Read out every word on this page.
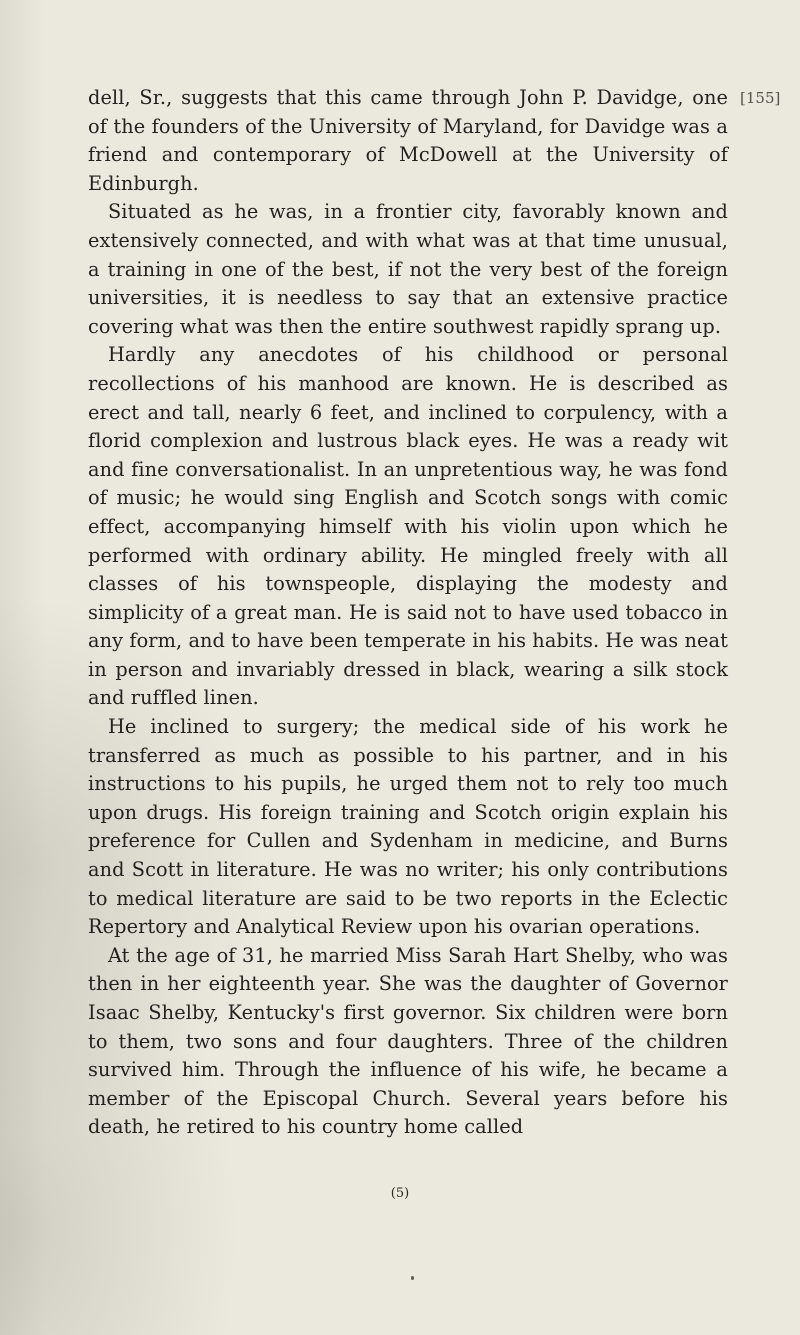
[155]

dell, Sr., suggests that this came through John P. Davidge, one of the founders of the University of Maryland, for Davidge was a friend and contemporary of McDowell at the University of Edinburgh.

Situated as he was, in a frontier city, favorably known and extensively connected, and with what was at that time unusual, a training in one of the best, if not the very best of the foreign universities, it is needless to say that an extensive practice covering what was then the entire southwest rapidly sprang up.

Hardly any anecdotes of his childhood or personal recollections of his manhood are known. He is described as erect and tall, nearly 6 feet, and inclined to corpulency, with a florid complexion and lustrous black eyes. He was a ready wit and fine conversationalist. In an unpretentious way, he was fond of music; he would sing English and Scotch songs with comic effect, accompanying himself with his violin upon which he performed with ordinary ability. He mingled freely with all classes of his townspeople, displaying the modesty and simplicity of a great man. He is said not to have used tobacco in any form, and to have been temperate in his habits. He was neat in person and invariably dressed in black, wearing a silk stock and ruffled linen.

He inclined to surgery; the medical side of his work he transferred as much as possible to his partner, and in his instructions to his pupils, he urged them not to rely too much upon drugs. His foreign training and Scotch origin explain his preference for Cullen and Sydenham in medicine, and Burns and Scott in literature. He was no writer; his only contributions to medical literature are said to be two reports in the Eclectic Repertory and Analytical Review upon his ovarian operations.

At the age of 31, he married Miss Sarah Hart Shelby, who was then in her eighteenth year. She was the daughter of Governor Isaac Shelby, Kentucky's first governor. Six children were born to them, two sons and four daughters. Three of the children survived him. Through the influence of his wife, he became a member of the Episcopal Church. Several years before his death, he retired to his country home called

(5)
